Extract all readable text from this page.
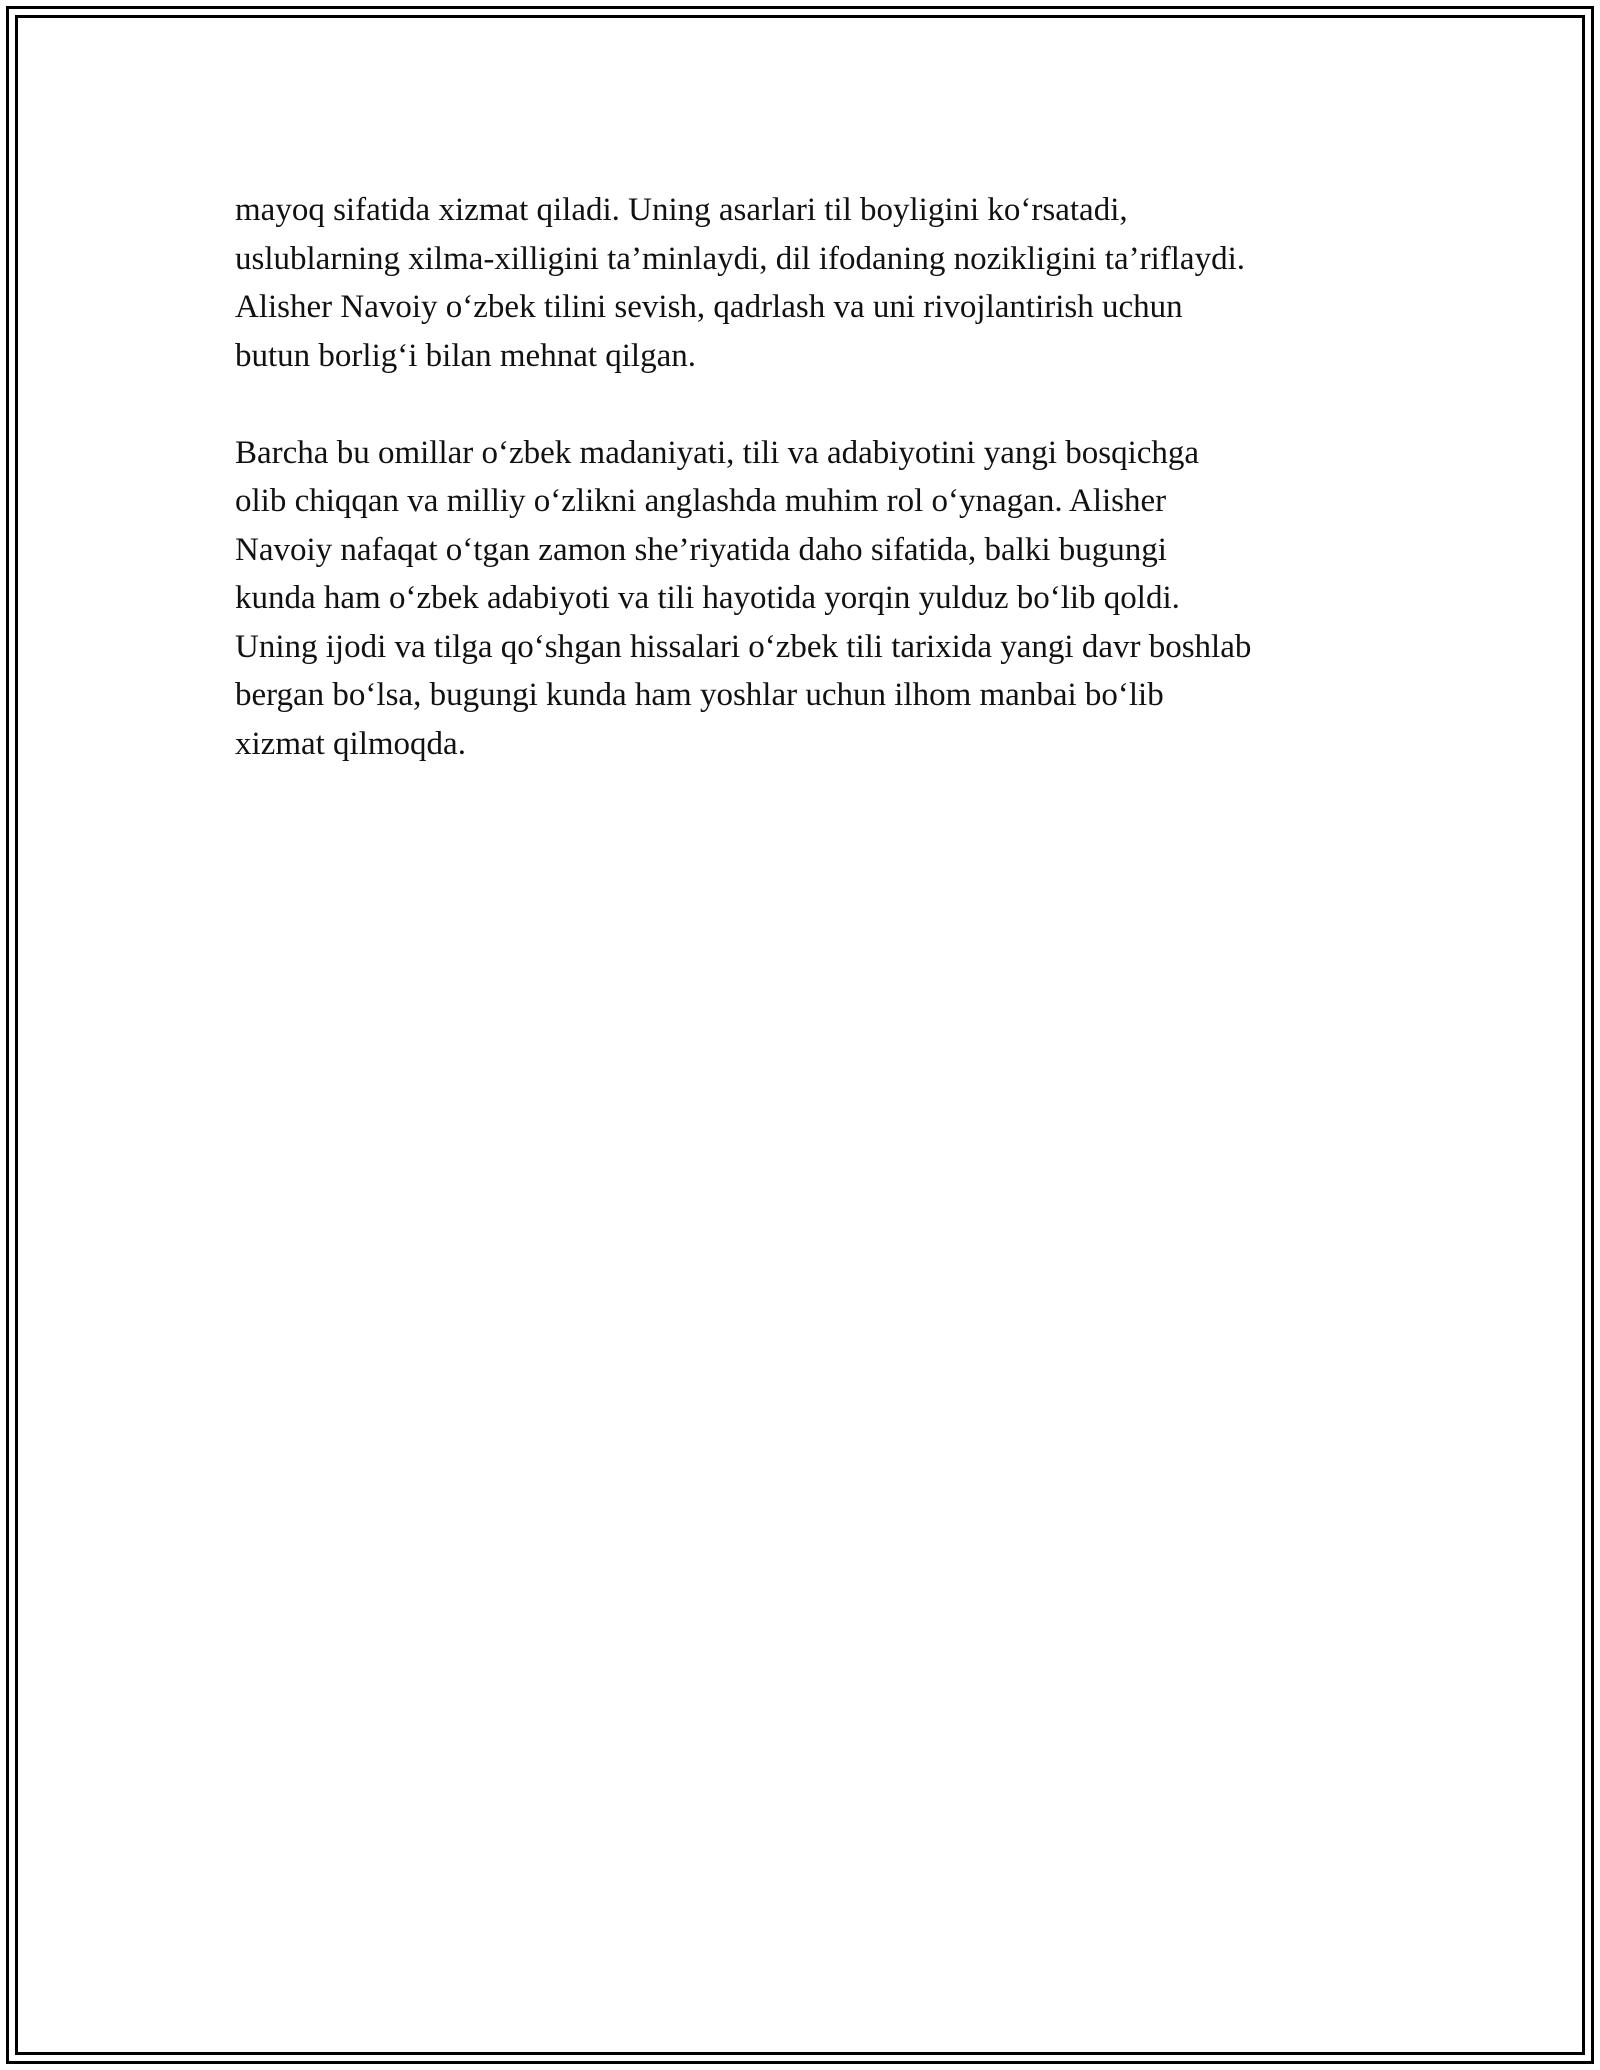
mayoq sifatida xizmat qiladi. Uning asarlari til boyligini ko‘rsatadi,
uslublarning xilma-xilligini ta’minlaydi, dil ifodaning nozikligini ta’riflaydi.
Alisher Navoiy o‘zbek tilini sevish, qadrlash va uni rivojlantirish uchun
butun borlig‘i bilan mehnat qilgan.

Barcha bu omillar o‘zbek madaniyati, tili va adabiyotini yangi bosqichga
olib chiqqan va milliy o‘zlikni anglashda muhim rol o‘ynagan. Alisher
Navoiy nafaqat o‘tgan zamon she’riyatida daho sifatida, balki bugungi
kunda ham o‘zbek adabiyoti va tili hayotida yorqin yulduz bo‘lib qoldi.
Uning ijodi va tilga qo‘shgan hissalari o‘zbek tili tarixida yangi davr boshlab
bergan bo‘lsa, bugungi kunda ham yoshlar uchun ilhom manbai bo‘lib
xizmat qilmoqda.
